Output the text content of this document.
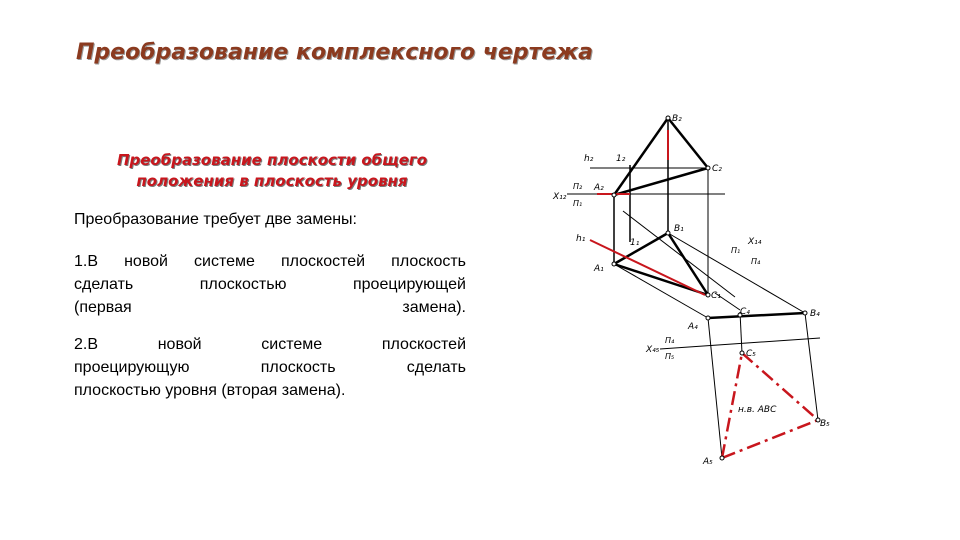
Преобразование комплексного чертежа
Преобразование плоскости общего
положения в плоскость уровня
Преобразование требует две замены:
1.В новой системе плоскостей плоскость
сделать плоскостью проецирующей
(первая замена).
2.В новой системе плоскостей
проецирующую плоскость сделать
плоскостью уровня (вторая замена).
B₂
h₂	1₂
C₂
X₁₂
П₂
П₁
A₂
B₁
h₁	1₁
A₁
X₁₄
П₁
П₄
C₁
C₄	B₄
A₄
X₄₅
П₄
П₅	C₅
н.в. ABC
B₅
A₅
